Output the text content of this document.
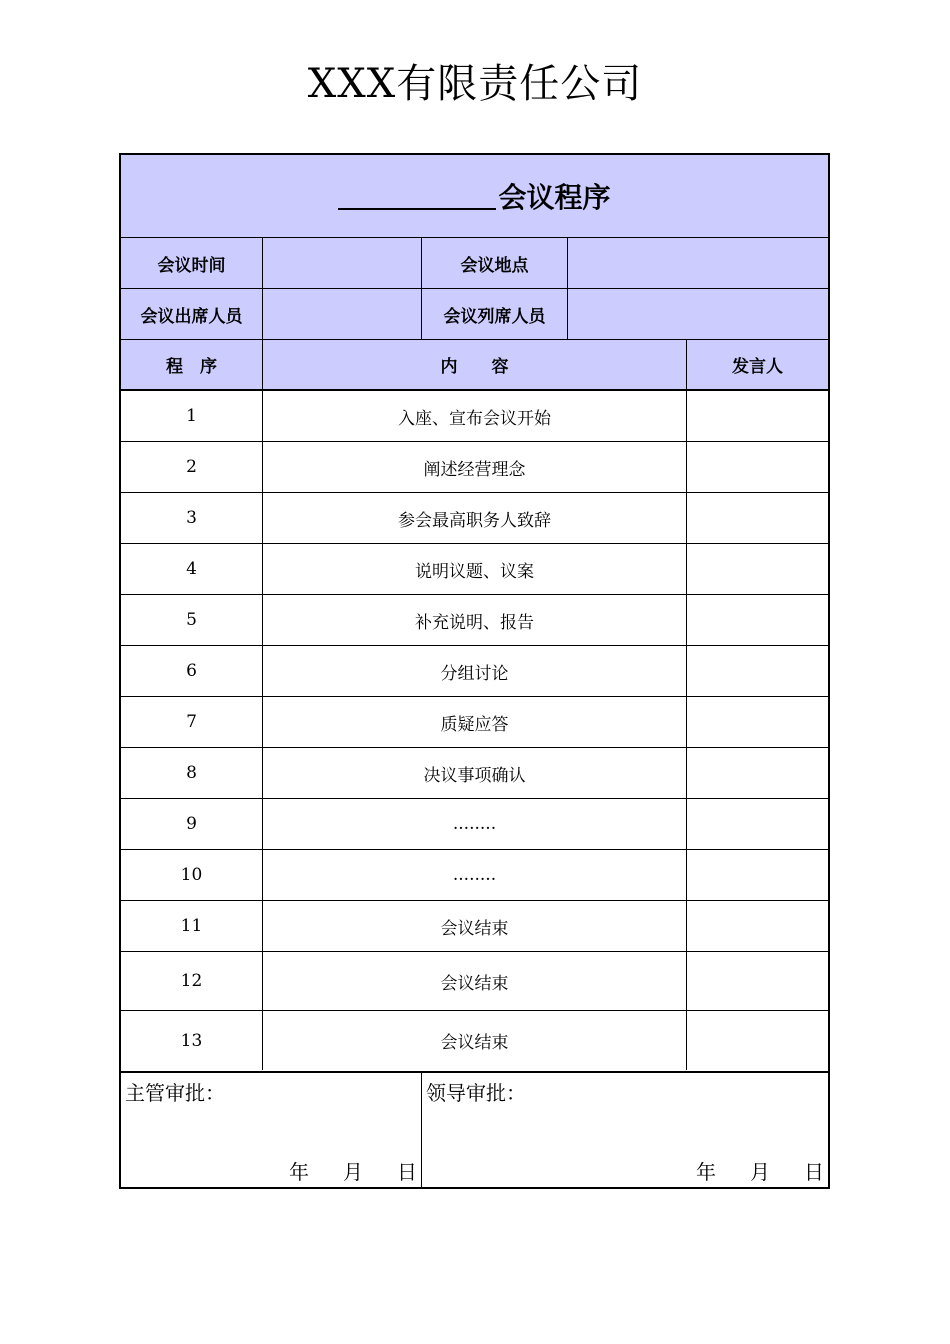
XXX有限责任公司
会议程序
会议时间	会议地点
会议出席人员	会议列席人员
程　序	内　　容	发言人
1	入座、宣布会议开始
2	阐述经营理念
3	参会最高职务人致辞
4	说明议题、议案
5	补充说明、报告
6	分组讨论
7	质疑应答
8	决议事项确认
9	........
10	........
11	会议结束
12	会议结束
13	会议结束
主管审批：
年 月 日
领导审批：
年 月 日
